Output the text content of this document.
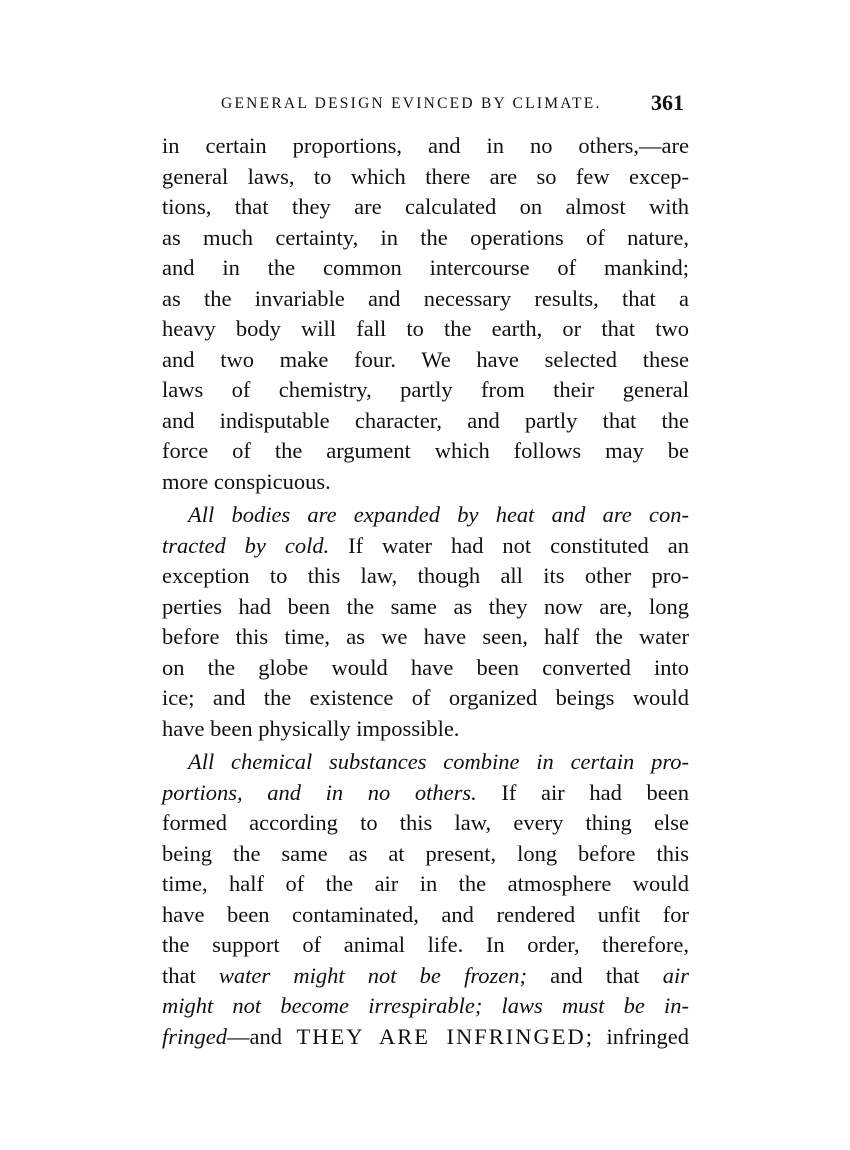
GENERAL DESIGN EVINCED BY CLIMATE. 361
in certain proportions, and in no others,—are
general laws, to which there are so few excep-
tions, that they are calculated on almost with
as much certainty, in the operations of nature,
and in the common intercourse of mankind;
as the invariable and necessary results, that a
heavy body will fall to the earth, or that two
and two make four. We have selected these
laws of chemistry, partly from their general
and indisputable character, and partly that the
force of the argument which follows may be
more conspicuous.
All bodies are expanded by heat and are con-
tracted by cold. If water had not constituted an
exception to this law, though all its other pro-
perties had been the same as they now are, long
before this time, as we have seen, half the water
on the globe would have been converted into
ice; and the existence of organized beings would
have been physically impossible.
All chemical substances combine in certain pro-
portions, and in no others. If air had been
formed according to this law, every thing else
being the same as at present, long before this
time, half of the air in the atmosphere would
have been contaminated, and rendered unfit for
the support of animal life. In order, therefore,
that water might not be frozen; and that air
might not become irrespirable; laws must be in-
fringed—and THEY ARE INFRINGED; infringed
